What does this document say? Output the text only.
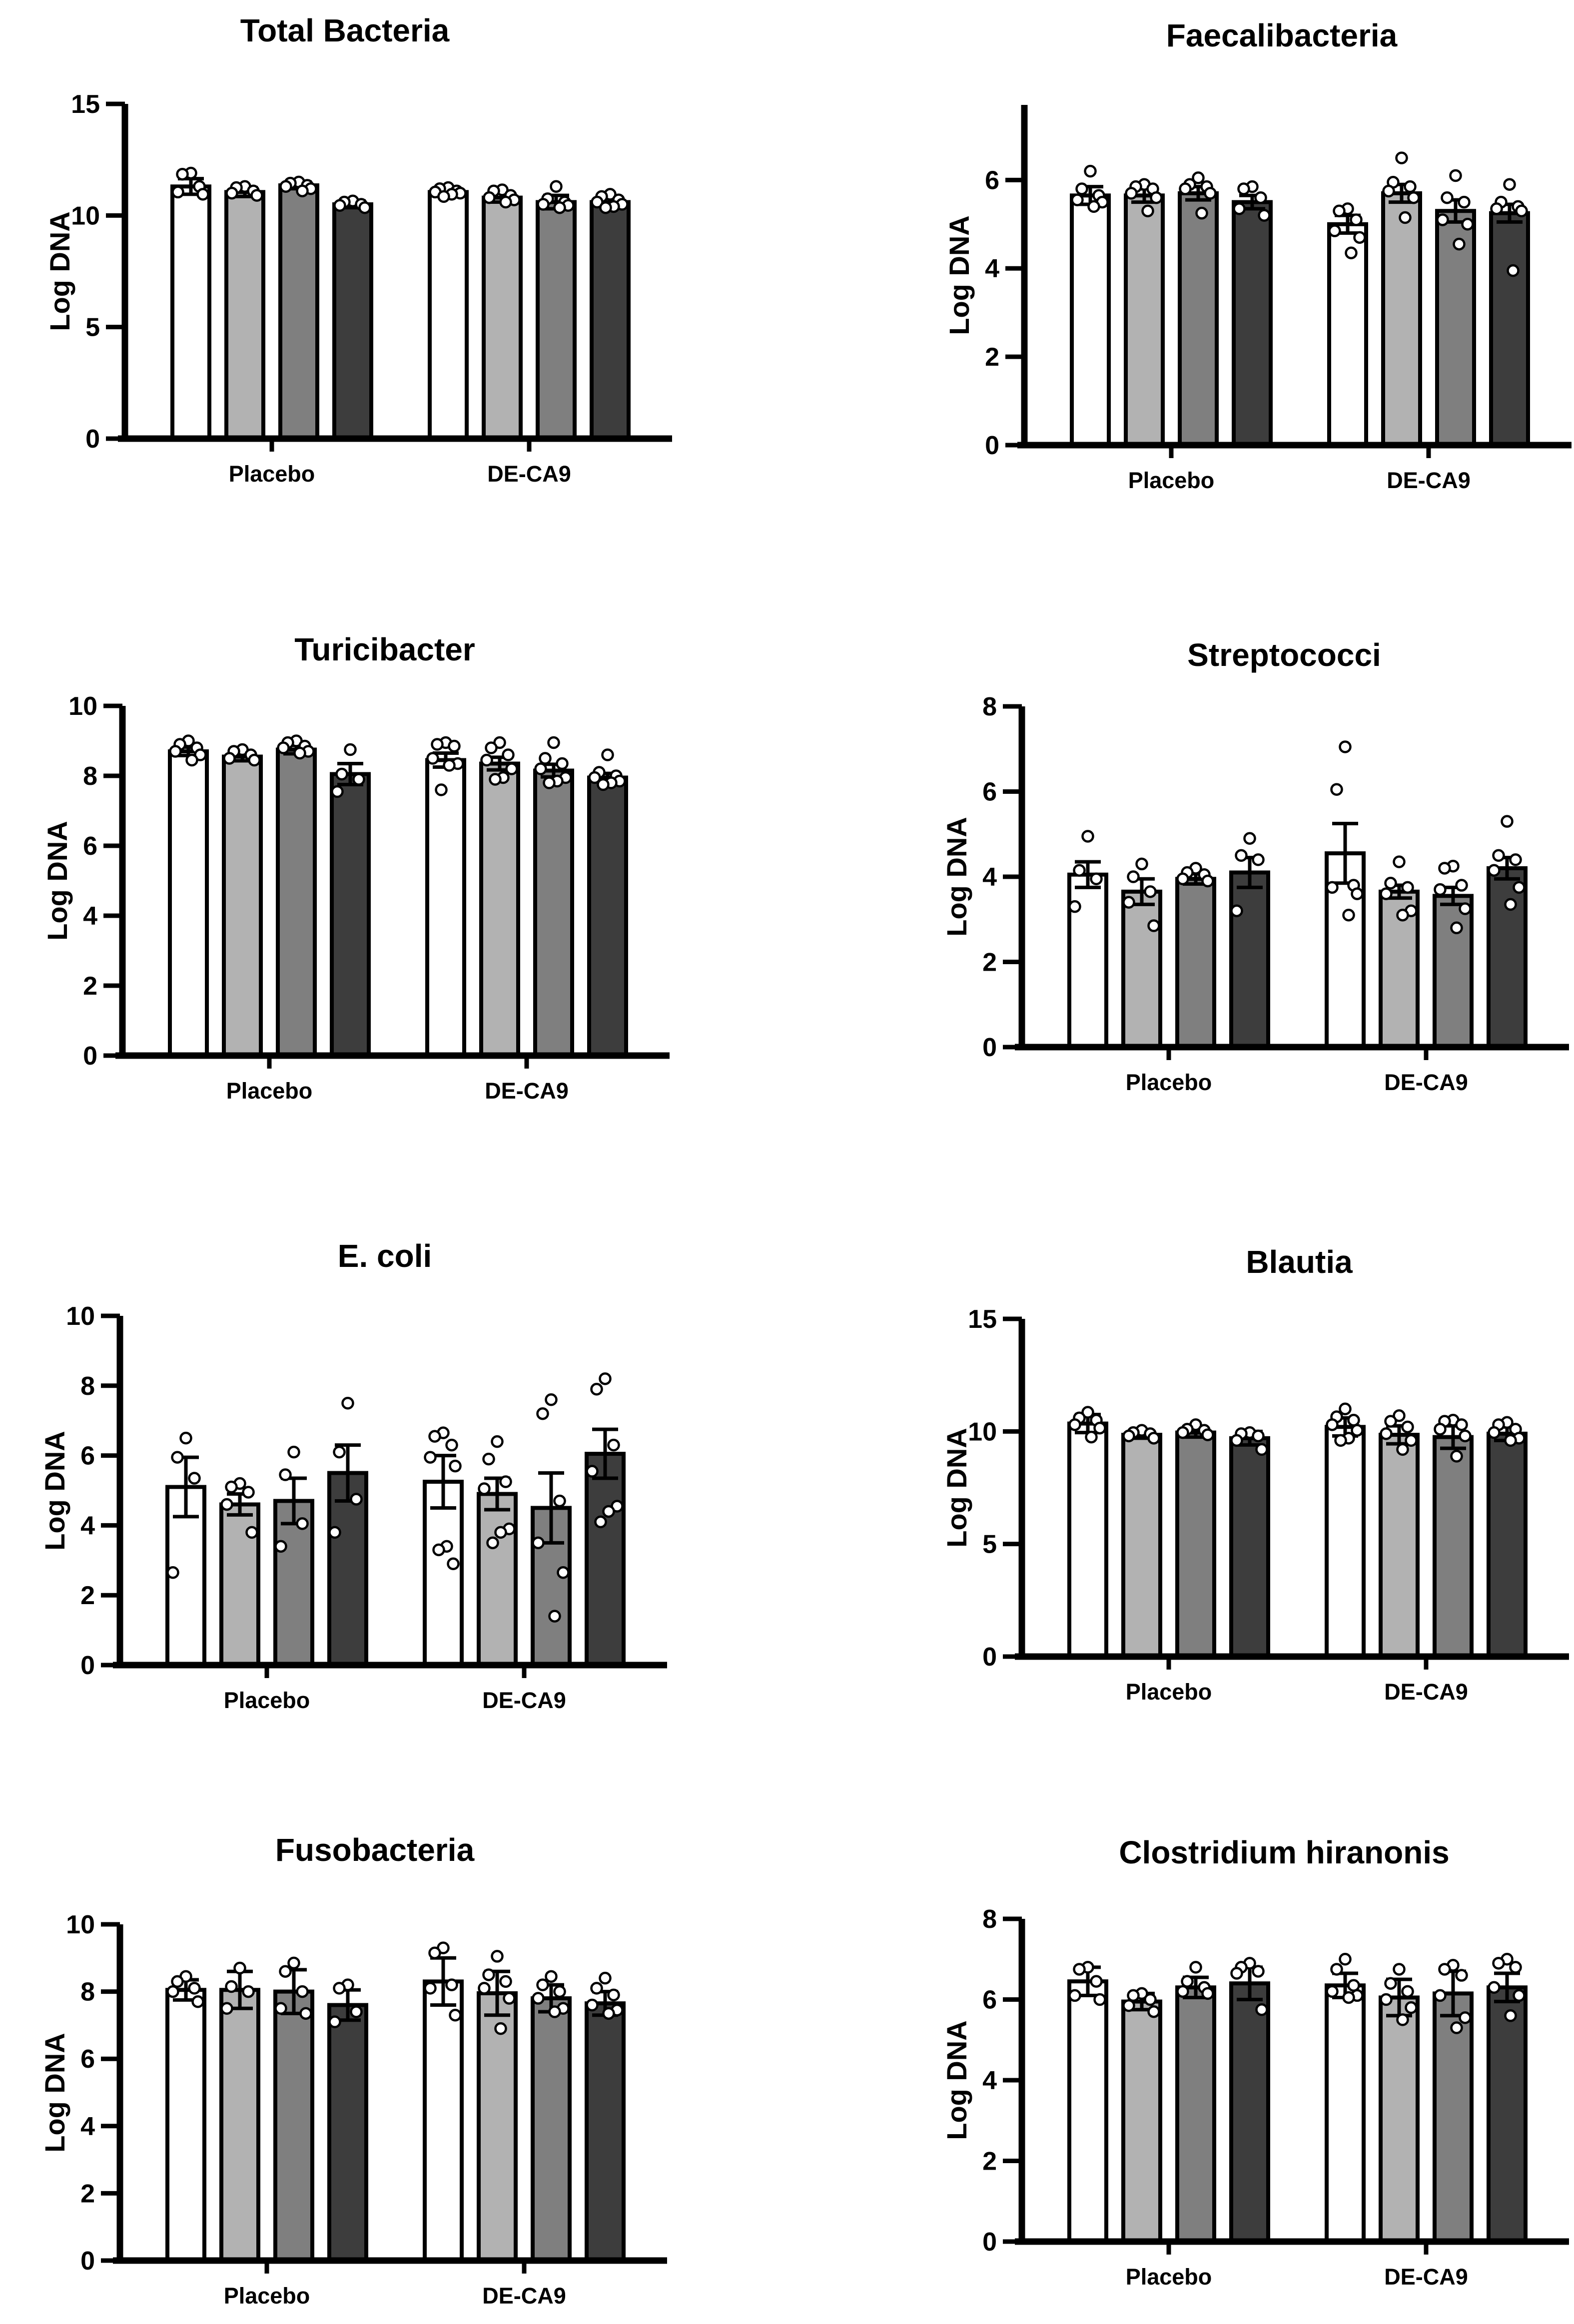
0
5
10
15
0
2
4
6
0
2
4
6
8
10
0
2
4
6
8
0
2
4
6
8
10
0
5
10
15
0
2
4
6
8
10
0
2
4
6
8
Total Bacteria	Faecalibacteria
Turicibacter	Streptococci
E. coli	Blautia
Fusobacteria	Clostridium hiranonis
Log DNA	Log DNA
Log DNA	Log DNA
Log DNA	Log DNA
Log DNA	Log DNA
Placebo	DE-CA9	Placebo	DE-CA9
Placebo	DE-CA9	Placebo	DE-CA9
Placebo	DE-CA9	Placebo	DE-CA9
Placebo	DE-CA9
Placebo	DE-CA9
